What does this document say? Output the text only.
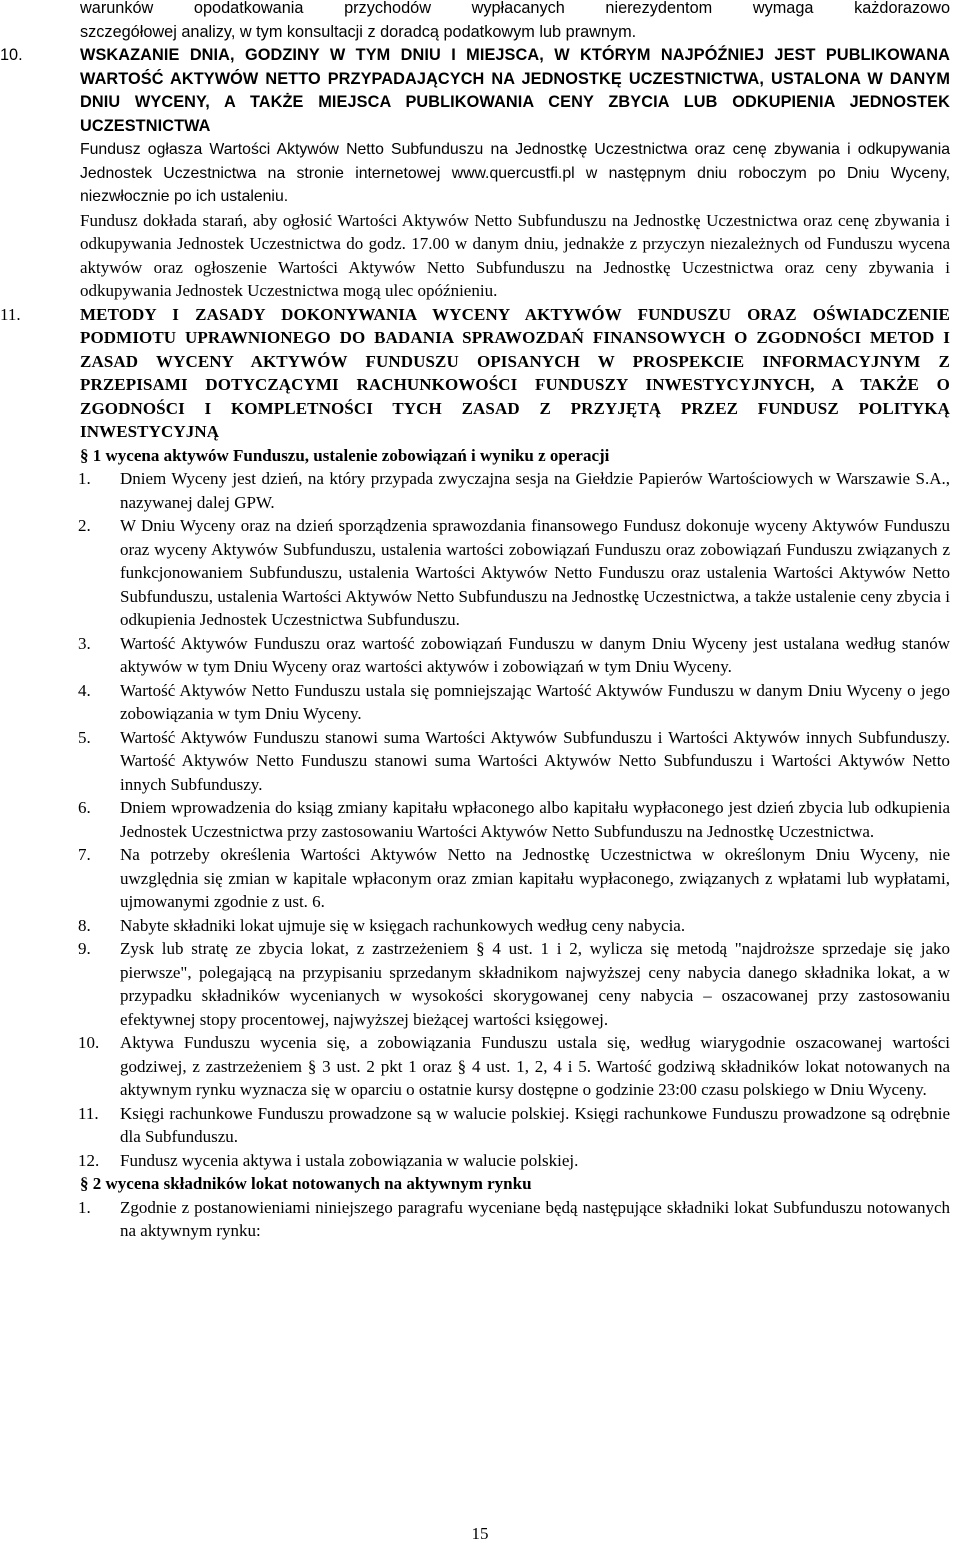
warunków opodatkowania przychodów wypłacanych nierezydentom wymaga każdorazowo
szczegółowej analizy, w tym konsultacji z doradcą podatkowym lub prawnym.
10.	WSKAZANIE DNIA, GODZINY W TYM DNIU I MIEJSCA, W KTÓRYM NAJPÓŹNIEJ JEST PUBLIKOWANA WARTOŚĆ AKTYWÓW NETTO PRZYPADAJĄCYCH NA JEDNOSTKĘ UCZESTNICTWA, USTALONA W DANYM DNIU WYCENY, A TAKŻE MIEJSCA PUBLIKOWANIA CENY ZBYCIA LUB ODKUPIENIA JEDNOSTEK UCZESTNICTWA
Fundusz ogłasza Wartości Aktywów Netto Subfunduszu na Jednostkę Uczestnictwa oraz cenę zbywania i odkupywania Jednostek Uczestnictwa na stronie internetowej www.quercustfi.pl w następnym dniu roboczym po Dniu Wyceny, niezwłocznie po ich ustaleniu.
Fundusz dokłada starań, aby ogłosić Wartości Aktywów Netto Subfunduszu na Jednostkę Uczestnictwa oraz cenę zbywania i odkupywania Jednostek Uczestnictwa do godz. 17.00 w danym dniu, jednakże z przyczyn niezależnych od Funduszu wycena aktywów oraz ogłoszenie Wartości Aktywów Netto Subfunduszu na Jednostkę Uczestnictwa oraz ceny zbywania i odkupywania Jednostek Uczestnictwa mogą ulec opóźnieniu.
11.	METODY I ZASADY DOKONYWANIA WYCENY AKTYWÓW FUNDUSZU ORAZ OŚWIADCZENIE PODMIOTU UPRAWNIONEGO DO BADANIA SPRAWOZDAŃ FINANSOWYCH O ZGODNOŚCI METOD I ZASAD WYCENY AKTYWÓW FUNDUSZU OPISANYCH W PROSPEKCIE INFORMACYJNYM Z PRZEPISAMI DOTYCZĄCYMI RACHUNKOWOŚCI FUNDUSZY INWESTYCYJNYCH, A TAKŻE O ZGODNOŚCI I KOMPLETNOŚCI TYCH ZASAD Z PRZYJĘTĄ PRZEZ FUNDUSZ POLITYKĄ INWESTYCYJNĄ
§ 1 wycena aktywów Funduszu, ustalenie zobowiązań i wyniku z operacji
1. Dniem Wyceny jest dzień, na który przypada zwyczajna sesja na Giełdzie Papierów Wartościowych w Warszawie S.A., nazywanej dalej GPW.
2. W Dniu Wyceny oraz na dzień sporządzenia sprawozdania finansowego Fundusz dokonuje wyceny Aktywów Funduszu oraz wyceny Aktywów Subfunduszu, ustalenia wartości zobowiązań Funduszu oraz zobowiązań Funduszu związanych z funkcjonowaniem Subfunduszu, ustalenia Wartości Aktywów Netto Funduszu oraz ustalenia Wartości Aktywów Netto Subfunduszu, ustalenia Wartości Aktywów Netto Subfunduszu na Jednostkę Uczestnictwa, a także ustalenie ceny zbycia i odkupienia Jednostek Uczestnictwa Subfunduszu.
3. Wartość Aktywów Funduszu oraz wartość zobowiązań Funduszu w danym Dniu Wyceny jest ustalana według stanów aktywów w tym Dniu Wyceny oraz wartości aktywów i zobowiązań w tym Dniu Wyceny.
4. Wartość Aktywów Netto Funduszu ustala się pomniejszając Wartość Aktywów Funduszu w danym Dniu Wyceny o jego zobowiązania w tym Dniu Wyceny.
5. Wartość Aktywów Funduszu stanowi suma Wartości Aktywów Subfunduszu i Wartości Aktywów innych Subfunduszy. Wartość Aktywów Netto Funduszu stanowi suma Wartości Aktywów Netto Subfunduszu i Wartości Aktywów Netto innych Subfunduszy.
6. Dniem wprowadzenia do ksiąg zmiany kapitału wpłaconego albo kapitału wypłaconego jest dzień zbycia lub odkupienia Jednostek Uczestnictwa przy zastosowaniu Wartości Aktywów Netto Subfunduszu na Jednostkę Uczestnictwa.
7. Na potrzeby określenia Wartości Aktywów Netto na Jednostkę Uczestnictwa w określonym Dniu Wyceny, nie uwzględnia się zmian w kapitale wpłaconym oraz zmian kapitału wypłaconego, związanych z wpłatami lub wypłatami, ujmowanymi zgodnie z ust. 6.
8. Nabyte składniki lokat ujmuje się w księgach rachunkowych według ceny nabycia.
9. Zysk lub stratę ze zbycia lokat, z zastrzeżeniem § 4 ust. 1 i 2, wylicza się metodą "najdroższe sprzedaje się jako pierwsze", polegającą na przypisaniu sprzedanym składnikom najwyższej ceny nabycia danego składnika lokat, a w przypadku składników wycenianych w wysokości skorygowanej ceny nabycia – oszacowanej przy zastosowaniu efektywnej stopy procentowej, najwyższej bieżącej wartości księgowej.
10. Aktywa Funduszu wycenia się, a zobowiązania Funduszu ustala się, według wiarygodnie oszacowanej wartości godziwej, z zastrzeżeniem § 3 ust. 2 pkt 1 oraz § 4 ust. 1, 2, 4 i 5. Wartość godziwą składników lokat notowanych na aktywnym rynku wyznacza się w oparciu o ostatnie kursy dostępne o godzinie 23:00 czasu polskiego w Dniu Wyceny.
11. Księgi rachunkowe Funduszu prowadzone są w walucie polskiej. Księgi rachunkowe Funduszu prowadzone są odrębnie dla Subfunduszu.
12. Fundusz wycenia aktywa i ustala zobowiązania w walucie polskiej.
§ 2 wycena składników lokat notowanych na aktywnym rynku
1. Zgodnie z postanowieniami niniejszego paragrafu wyceniane będą następujące składniki lokat Subfunduszu notowanych na aktywnym rynku:
15
